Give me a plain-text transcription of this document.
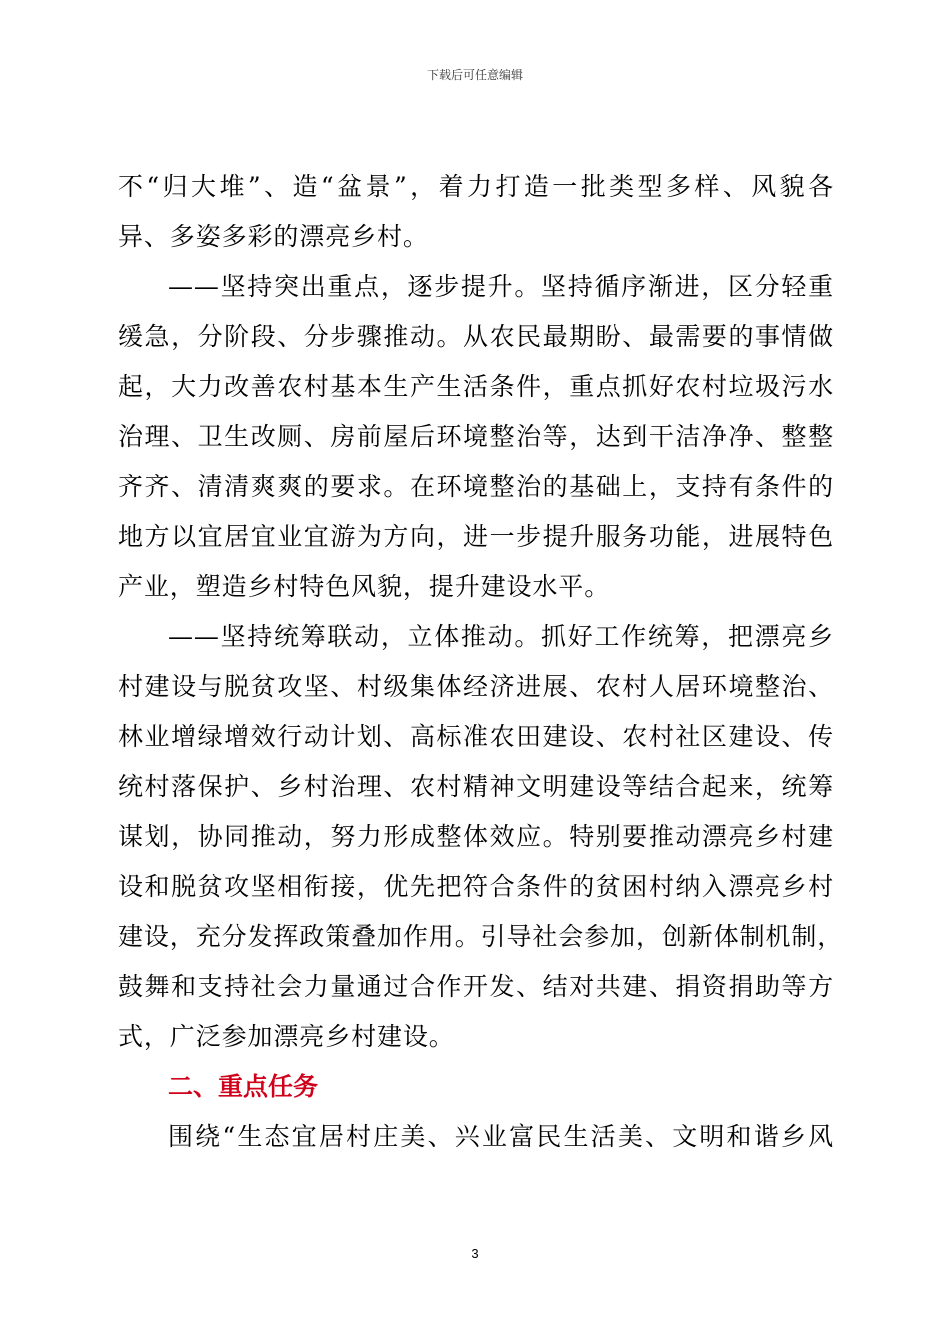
下载后可任意编辑
不“归大堆”、造“盆景”，着力打造一批类型多样、风貌各
异、多姿多彩的漂亮乡村。
——坚持突出重点，逐步提升。坚持循序渐进，区分轻重
缓急，分阶段、分步骤推动。从农民最期盼、最需要的事情做
起，大力改善农村基本生产生活条件，重点抓好农村垃圾污水
治理、卫生改厕、房前屋后环境整治等，达到干洁净净、整整
齐齐、清清爽爽的要求。在环境整治的基础上，支持有条件的
地方以宜居宜业宜游为方向，进一步提升服务功能，进展特色
产业，塑造乡村特色风貌，提升建设水平。
——坚持统筹联动，立体推动。抓好工作统筹，把漂亮乡
村建设与脱贫攻坚、村级集体经济进展、农村人居环境整治、
林业增绿增效行动计划、高标准农田建设、农村社区建设、传
统村落保护、乡村治理、农村精神文明建设等结合起来，统筹
谋划，协同推动，努力形成整体效应。特别要推动漂亮乡村建
设和脱贫攻坚相衔接，优先把符合条件的贫困村纳入漂亮乡村
建设，充分发挥政策叠加作用。引导社会参加，创新体制机制，
鼓舞和支持社会力量通过合作开发、结对共建、捐资捐助等方
式，广泛参加漂亮乡村建设。
二、重点任务
围绕“生态宜居村庄美、兴业富民生活美、文明和谐乡风
3
